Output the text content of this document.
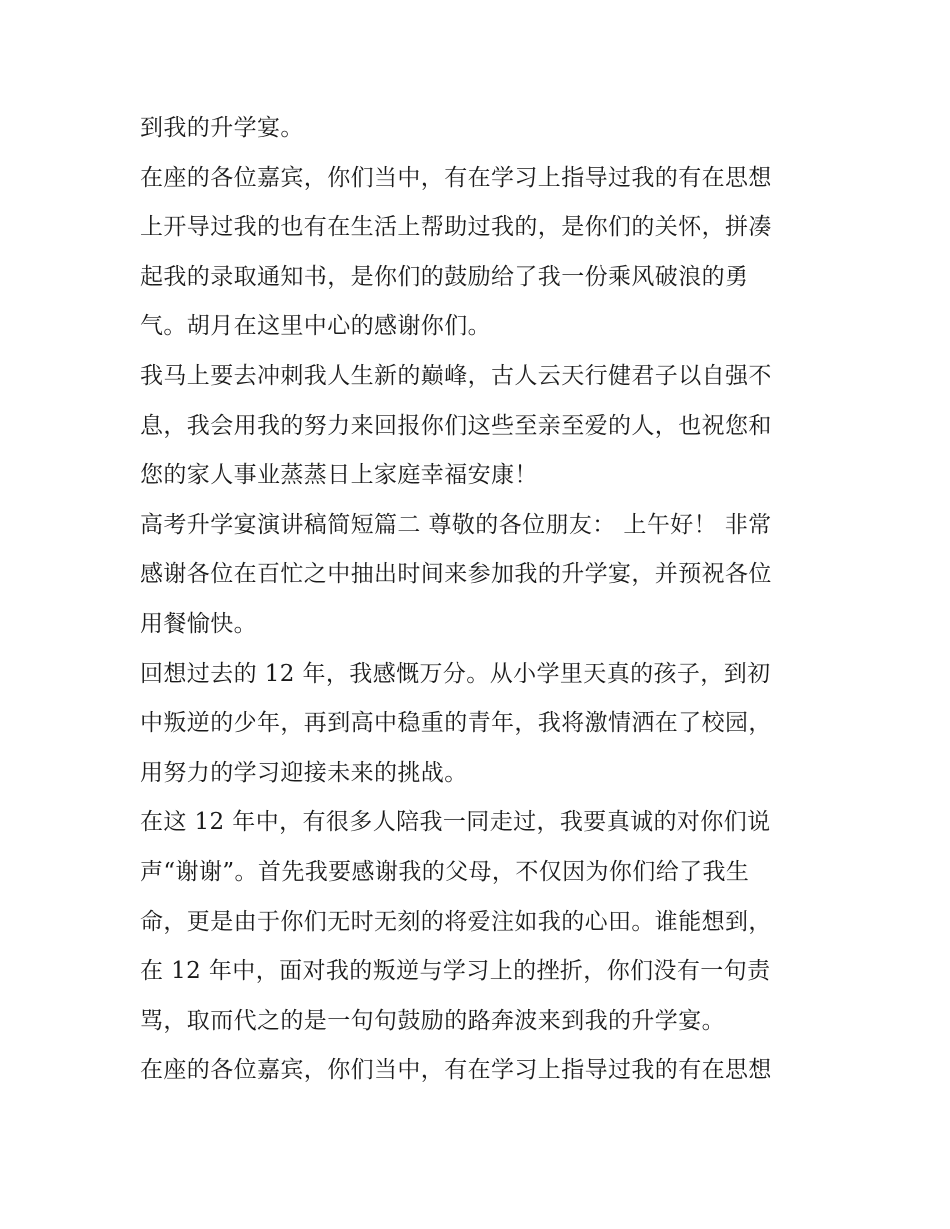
到我的升学宴。
在座的各位嘉宾，你们当中，有在学习上指导过我的有在思想
上开导过我的也有在生活上帮助过我的，是你们的关怀，拼凑
起我的录取通知书，是你们的鼓励给了我一份乘风破浪的勇
气。胡月在这里中心的感谢你们。
我马上要去冲刺我人生新的巅峰，古人云天行健君子以自强不
息，我会用我的努力来回报你们这些至亲至爱的人，也祝您和
您的家人事业蒸蒸日上家庭幸福安康！
高考升学宴演讲稿简短篇二 尊敬的各位朋友： 上午好！ 非常
感谢各位在百忙之中抽出时间来参加我的升学宴，并预祝各位
用餐愉快。
回想过去的 12 年，我感慨万分。从小学里天真的孩子，到初
中叛逆的少年，再到高中稳重的青年，我将激情洒在了校园，
用努力的学习迎接未来的挑战。
在这 12 年中，有很多人陪我一同走过，我要真诚的对你们说
声“谢谢”。首先我要感谢我的父母，不仅因为你们给了我生
命，更是由于你们无时无刻的将爱注如我的心田。谁能想到，
在 12 年中，面对我的叛逆与学习上的挫折，你们没有一句责
骂，取而代之的是一句句鼓励的路奔波来到我的升学宴。
在座的各位嘉宾，你们当中，有在学习上指导过我的有在思想
